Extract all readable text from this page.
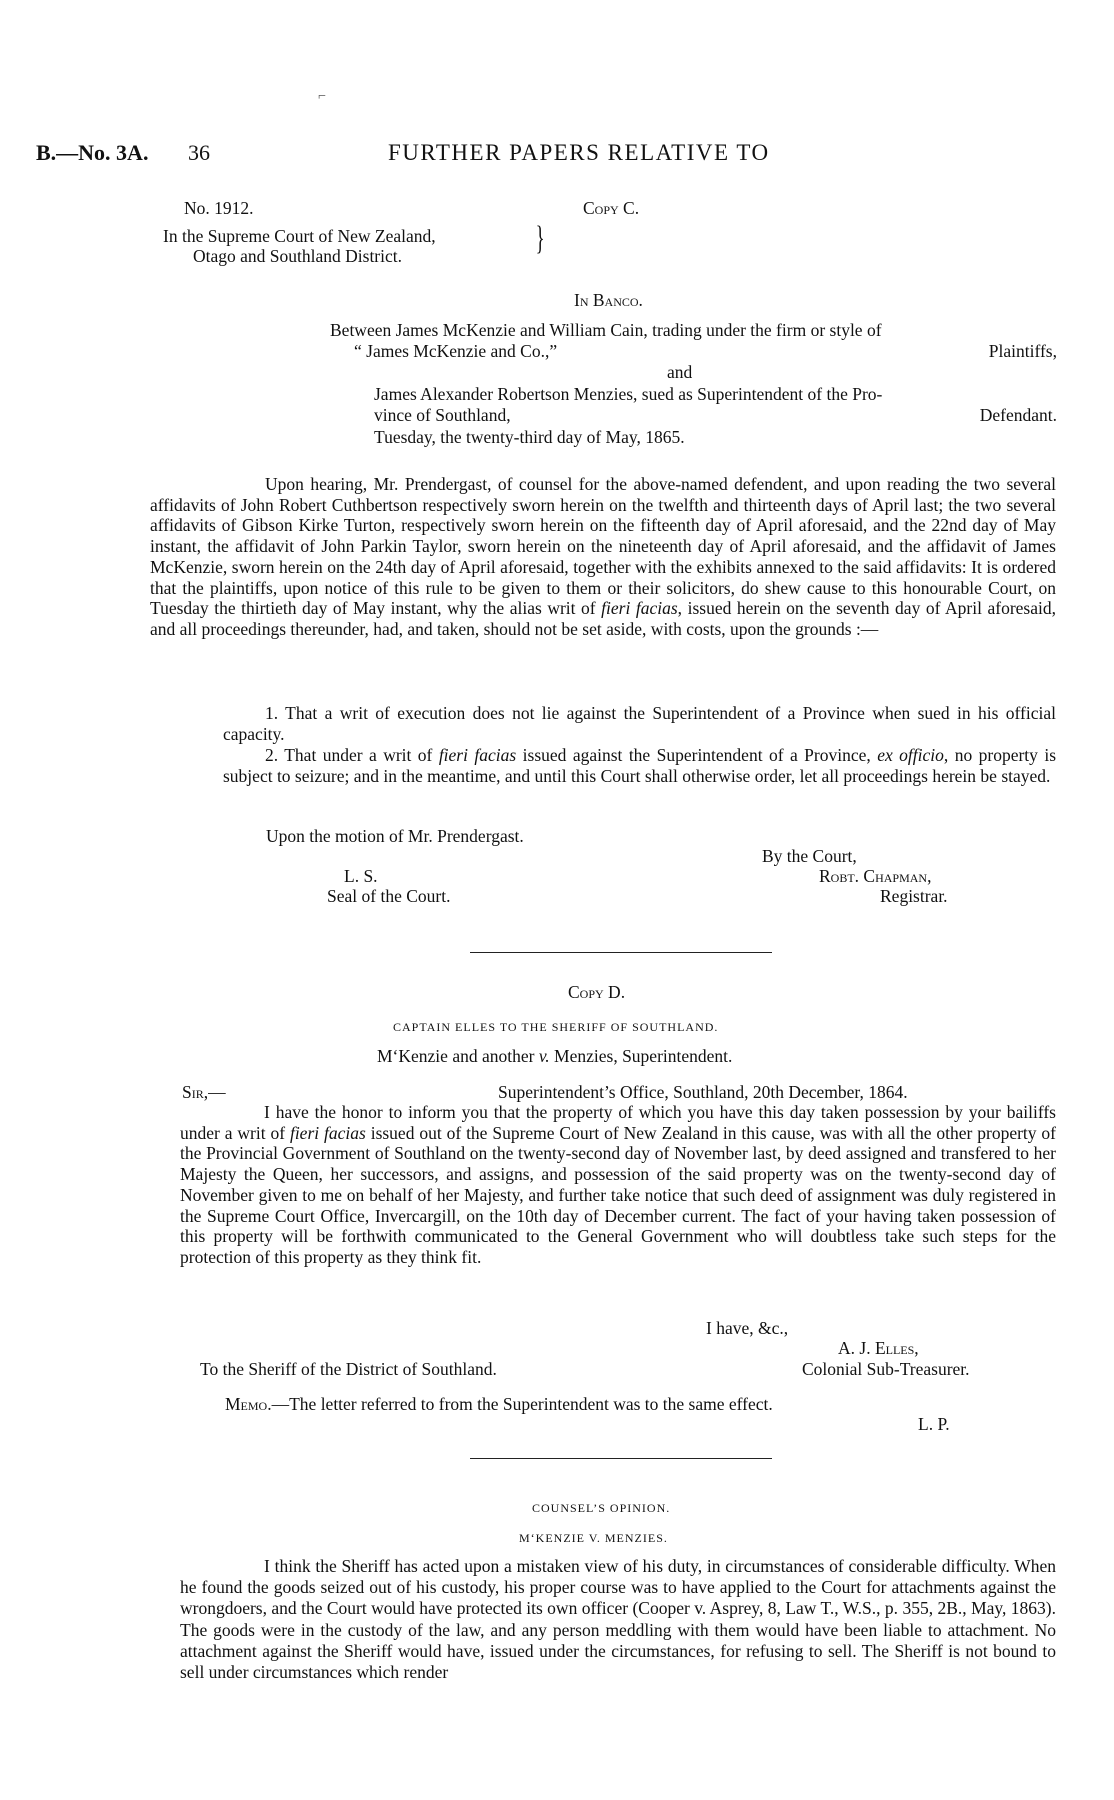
⌐
B.—No. 3A. 36	FURTHER PAPERS RELATIVE TO
No. 1912.	Copy C.
In the Supreme Court of New Zealand,
Otago and Southland District.	}
In Banco.
Between James McKenzie and William Cain, trading under the firm or style of
“ James McKenzie and Co.,”	Plaintiffs,
and
James Alexander Robertson Menzies, sued as Superintendent of the Pro-
vince of Southland,	Defendant.
Tuesday, the twenty-third day of May, 1865.
Upon hearing, Mr. Prendergast, of counsel for the above-named defendent, and upon reading the two several affidavits of John Robert Cuthbertson respectively sworn herein on the twelfth and thirteenth days of April last; the two several affidavits of Gibson Kirke Turton, respectively sworn herein on the fifteenth day of April aforesaid, and the 22nd day of May instant, the affidavit of John Parkin Taylor, sworn herein on the nineteenth day of April aforesaid, and the affidavit of James McKenzie, sworn herein on the 24th day of April aforesaid, together with the exhibits annexed to the said affidavits: It is ordered that the plaintiffs, upon notice of this rule to be given to them or their solicitors, do shew cause to this honourable Court, on Tuesday the thirtieth day of May instant, why the alias writ of fieri facias, issued herein on the seventh day of April aforesaid, and all proceedings thereunder, had, and taken, should not be set aside, with costs, upon the grounds :—
1. That a writ of execution does not lie against the Superintendent of a Province when sued in his official capacity.
2. That under a writ of fieri facias issued against the Superintendent of a Province, ex officio, no property is subject to seizure; and in the meantime, and until this Court shall otherwise order, let all proceedings herein be stayed.
Upon the motion of Mr. Prendergast.
By the Court,
L. S.	Robt. Chapman,
Seal of the Court.	Registrar.
Copy D.
CAPTAIN ELLES TO THE SHERIFF OF SOUTHLAND.
M‘Kenzie and another v. Menzies, Superintendent.
Sir,—	Superintendent’s Office, Southland, 20th December, 1864.
I have the honor to inform you that the property of which you have this day taken possession by your bailiffs under a writ of fieri facias issued out of the Supreme Court of New Zealand in this cause, was with all the other property of the Provincial Government of Southland on the twenty-second day of November last, by deed assigned and transfered to her Majesty the Queen, her successors, and assigns, and possession of the said property was on the twenty-second day of November given to me on behalf of her Majesty, and further take notice that such deed of assignment was duly registered in the Supreme Court Office, Invercargill, on the 10th day of December current. The fact of your having taken possession of this property will be forthwith communicated to the General Government who will doubtless take such steps for the protection of this property as they think fit.
I have, &c.,
A. J. Elles,
To the Sheriff of the District of Southland.	Colonial Sub-Treasurer.
Memo.—The letter referred to from the Superintendent was to the same effect.
L. P.
COUNSEL’S OPINION.
M‘KENZIE V. MENZIES.
I think the Sheriff has acted upon a mistaken view of his duty, in circumstances of considerable difficulty. When he found the goods seized out of his custody, his proper course was to have applied to the Court for attachments against the wrongdoers, and the Court would have protected its own officer (Cooper v. Asprey, 8, Law T., W.S., p. 355, 2B., May, 1863). The goods were in the custody of the law, and any person meddling with them would have been liable to attachment. No attachment against the Sheriff would have, issued under the circumstances, for refusing to sell. The Sheriff is not bound to sell under circumstances which render
